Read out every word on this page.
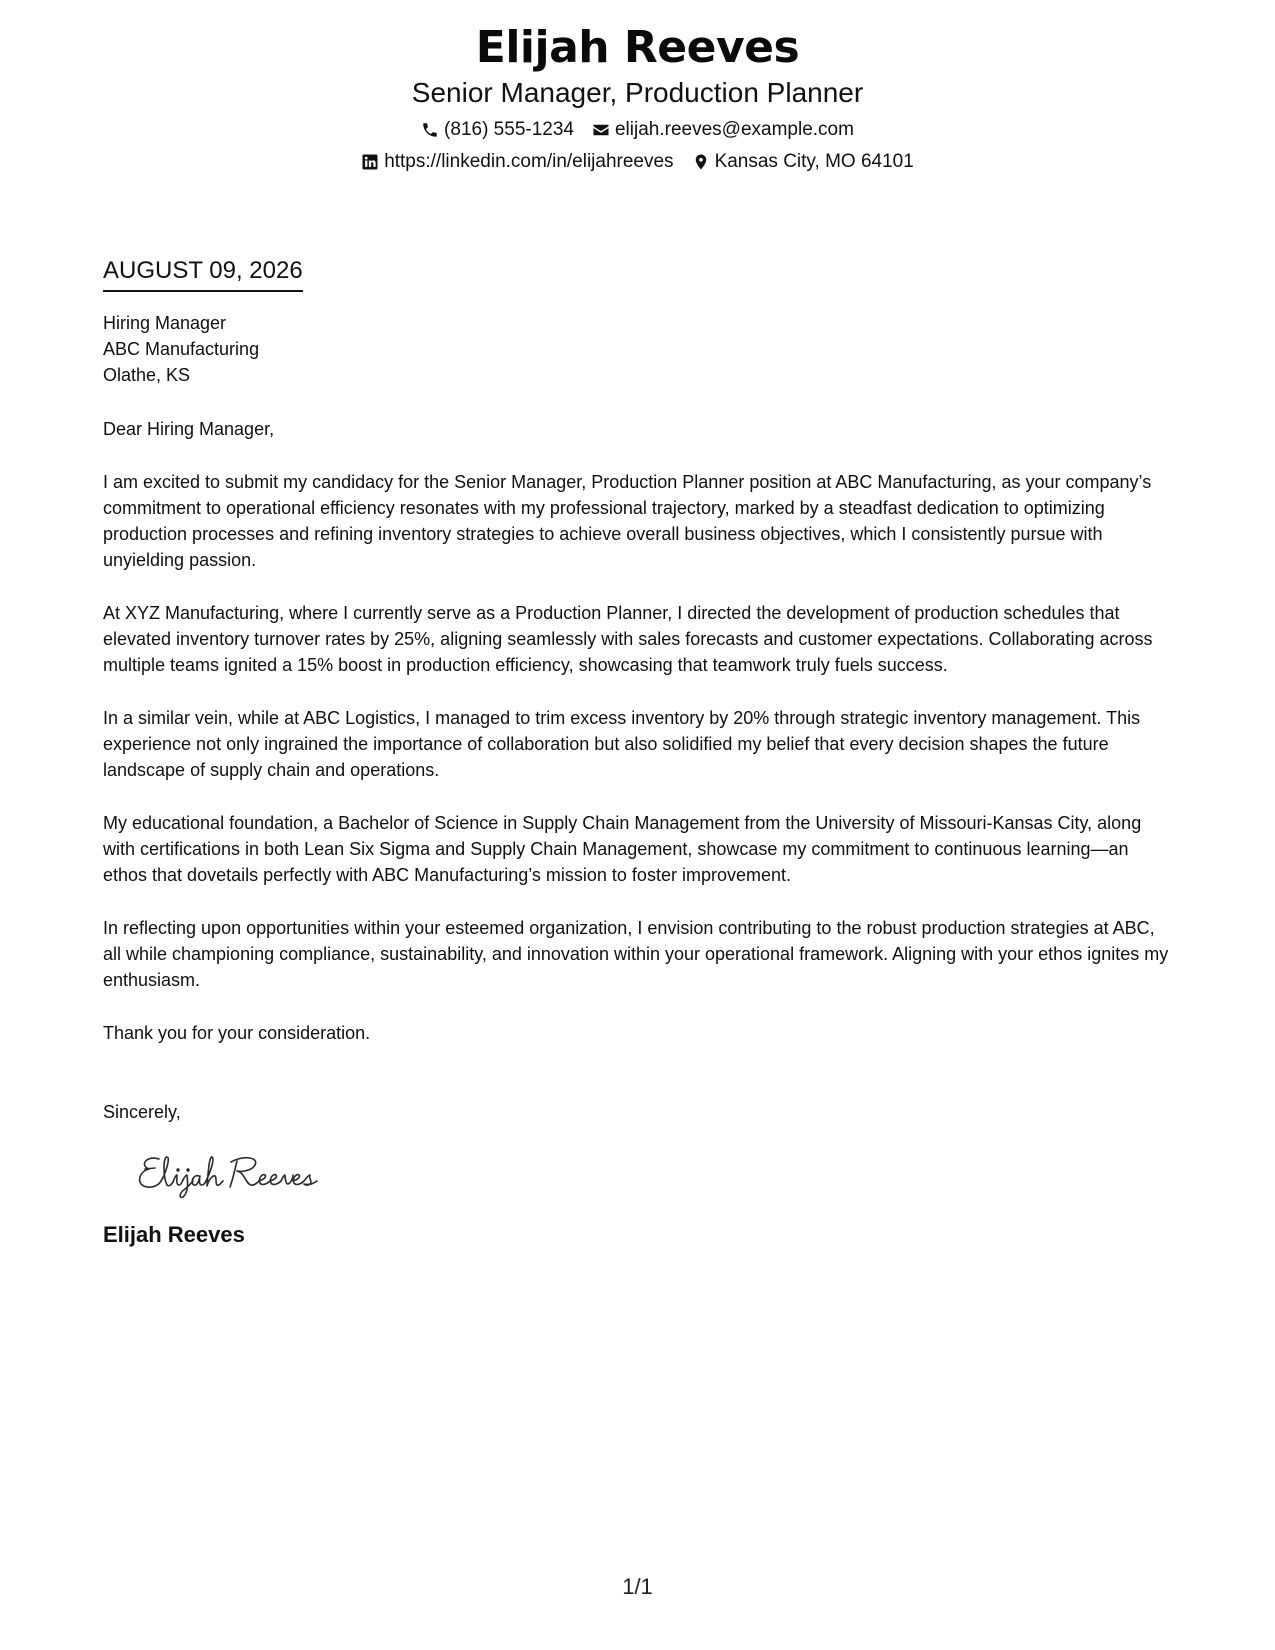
Elijah Reeves
Senior Manager, Production Planner
(816) 555-1234 elijah.reeves@example.com
https://linkedin.com/in/elijahreeves Kansas City, MO 64101
AUGUST 09, 2026
Hiring Manager
ABC Manufacturing
Olathe, KS
Dear Hiring Manager,

I am excited to submit my candidacy for the Senior Manager, Production Planner position at ABC Manufacturing, as your company’s commitment to operational efficiency resonates with my professional trajectory, marked by a steadfast dedication to optimizing production processes and refining inventory strategies to achieve overall business objectives, which I consistently pursue with unyielding passion.

At XYZ Manufacturing, where I currently serve as a Production Planner, I directed the development of production schedules that elevated inventory turnover rates by 25%, aligning seamlessly with sales forecasts and customer expectations. Collaborating across multiple teams ignited a 15% boost in production efficiency, showcasing that teamwork truly fuels success.

In a similar vein, while at ABC Logistics, I managed to trim excess inventory by 20% through strategic inventory management. This experience not only ingrained the importance of collaboration but also solidified my belief that every decision shapes the future landscape of supply chain and operations.

My educational foundation, a Bachelor of Science in Supply Chain Management from the University of Missouri-Kansas City, along with certifications in both Lean Six Sigma and Supply Chain Management, showcase my commitment to continuous learning—an ethos that dovetails perfectly with ABC Manufacturing’s mission to foster improvement.

In reflecting upon opportunities within your esteemed organization, I envision contributing to the robust production strategies at ABC, all while championing compliance, sustainability, and innovation within your operational framework. Aligning with your ethos ignites my enthusiasm.

Thank you for your consideration.
Sincerely,
Elijah Reeves
1/1
